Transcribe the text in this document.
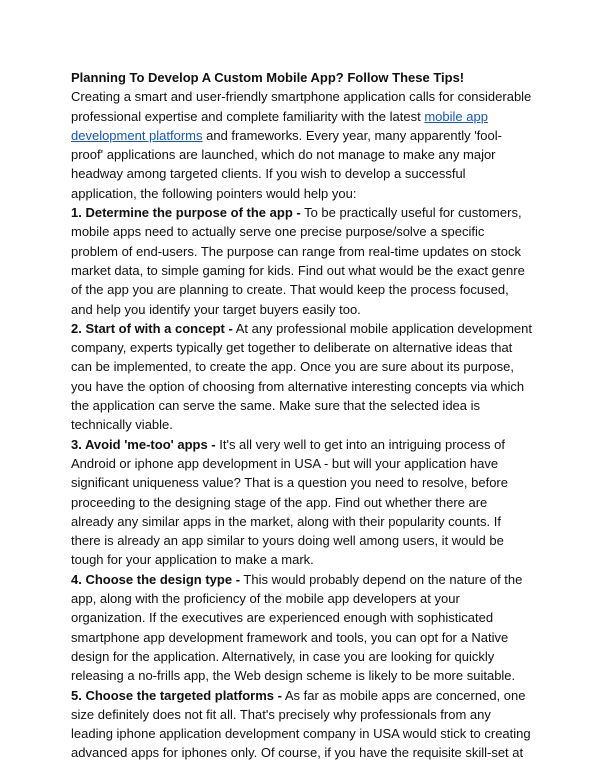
Planning To Develop A Custom Mobile App? Follow These Tips!

Creating a smart and user-friendly smartphone application calls for considerable professional expertise and complete familiarity with the latest mobile app development platforms and frameworks. Every year, many apparently 'fool-proof' applications are launched, which do not manage to make any major headway among targeted clients. If you wish to develop a successful application, the following pointers would help you:

1. Determine the purpose of the app - To be practically useful for customers, mobile apps need to actually serve one precise purpose/solve a specific problem of end-users. The purpose can range from real-time updates on stock market data, to simple gaming for kids. Find out what would be the exact genre of the app you are planning to create. That would keep the process focused, and help you identify your target buyers easily too.

2. Start of with a concept - At any professional mobile application development company, experts typically get together to deliberate on alternative ideas that can be implemented, to create the app. Once you are sure about its purpose, you have the option of choosing from alternative interesting concepts via which the application can serve the same. Make sure that the selected idea is technically viable.

3. Avoid 'me-too' apps - It's all very well to get into an intriguing process of Android or iphone app development in USA - but will your application have significant uniqueness value? That is a question you need to resolve, before proceeding to the designing stage of the app. Find out whether there are already any similar apps in the market, along with their popularity counts. If there is already an app similar to yours doing well among users, it would be tough for your application to make a mark.

4. Choose the design type - This would probably depend on the nature of the app, along with the proficiency of the mobile app developers at your organization. If the executives are experienced enough with sophisticated smartphone app development framework and tools, you can opt for a Native design for the application. Alternatively, in case you are looking for quickly releasing a no-frills app, the Web design scheme is likely to be more suitable.

5. Choose the targeted platforms - As far as mobile apps are concerned, one size definitely does not fit all. That's precisely why professionals from any leading iphone application development company in USA would stick to creating advanced apps for iphones only. Of course, if you have the requisite skill-set at
